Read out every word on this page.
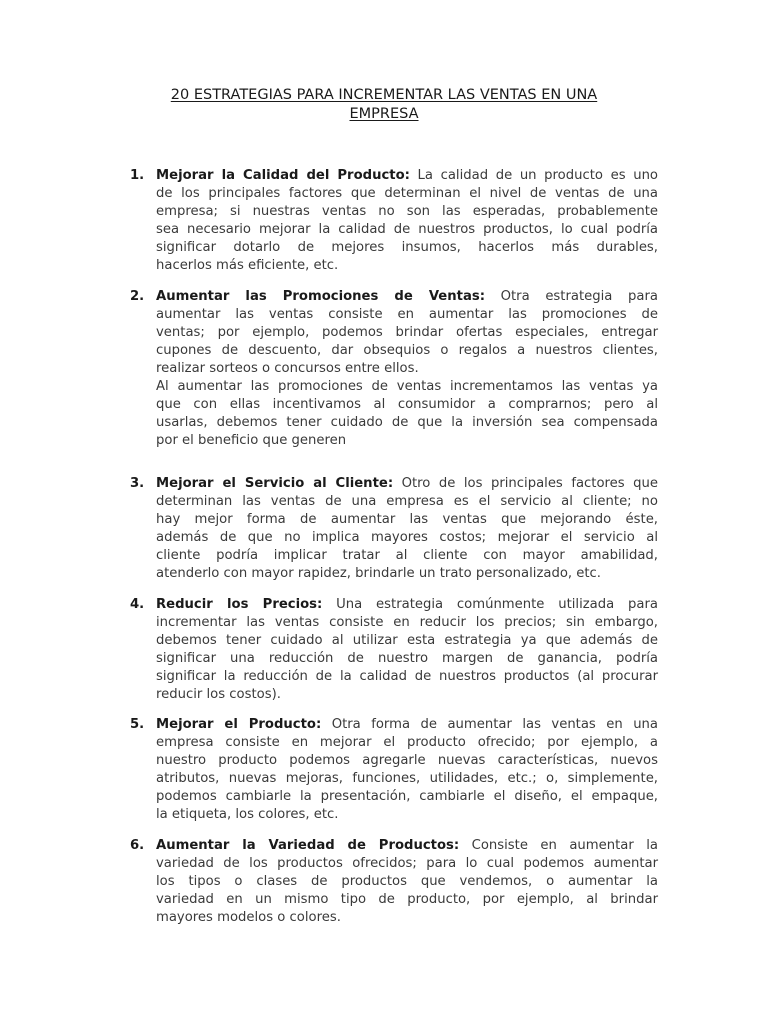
20 ESTRATEGIAS PARA INCREMENTAR LAS VENTAS EN UNA
EMPRESA
1. Mejorar la Calidad del Producto: La calidad de un producto es uno
de los principales factores que determinan el nivel de ventas de una
empresa; si nuestras ventas no son las esperadas, probablemente
sea necesario mejorar la calidad de nuestros productos, lo cual podría
significar dotarlo de mejores insumos, hacerlos más durables,
hacerlos más eficiente, etc.
2. Aumentar las Promociones de Ventas: Otra estrategia para
aumentar las ventas consiste en aumentar las promociones de
ventas; por ejemplo, podemos brindar ofertas especiales, entregar
cupones de descuento, dar obsequios o regalos a nuestros clientes,
realizar sorteos o concursos entre ellos.
Al aumentar las promociones de ventas incrementamos las ventas ya
que con ellas incentivamos al consumidor a comprarnos; pero al
usarlas, debemos tener cuidado de que la inversión sea compensada
por el beneficio que generen
3. Mejorar el Servicio al Cliente: Otro de los principales factores que
determinan las ventas de una empresa es el servicio al cliente; no
hay mejor forma de aumentar las ventas que mejorando éste,
además de que no implica mayores costos; mejorar el servicio al
cliente podría implicar tratar al cliente con mayor amabilidad,
atenderlo con mayor rapidez, brindarle un trato personalizado, etc.
4. Reducir los Precios: Una estrategia comúnmente utilizada para
incrementar las ventas consiste en reducir los precios; sin embargo,
debemos tener cuidado al utilizar esta estrategia ya que además de
significar una reducción de nuestro margen de ganancia, podría
significar la reducción de la calidad de nuestros productos (al procurar
reducir los costos).
5. Mejorar el Producto: Otra forma de aumentar las ventas en una
empresa consiste en mejorar el producto ofrecido; por ejemplo, a
nuestro producto podemos agregarle nuevas características, nuevos
atributos, nuevas mejoras, funciones, utilidades, etc.; o, simplemente,
podemos cambiarle la presentación, cambiarle el diseño, el empaque,
la etiqueta, los colores, etc.
6. Aumentar la Variedad de Productos: Consiste en aumentar la
variedad de los productos ofrecidos; para lo cual podemos aumentar
los tipos o clases de productos que vendemos, o aumentar la
variedad en un mismo tipo de producto, por ejemplo, al brindar
mayores modelos o colores.
